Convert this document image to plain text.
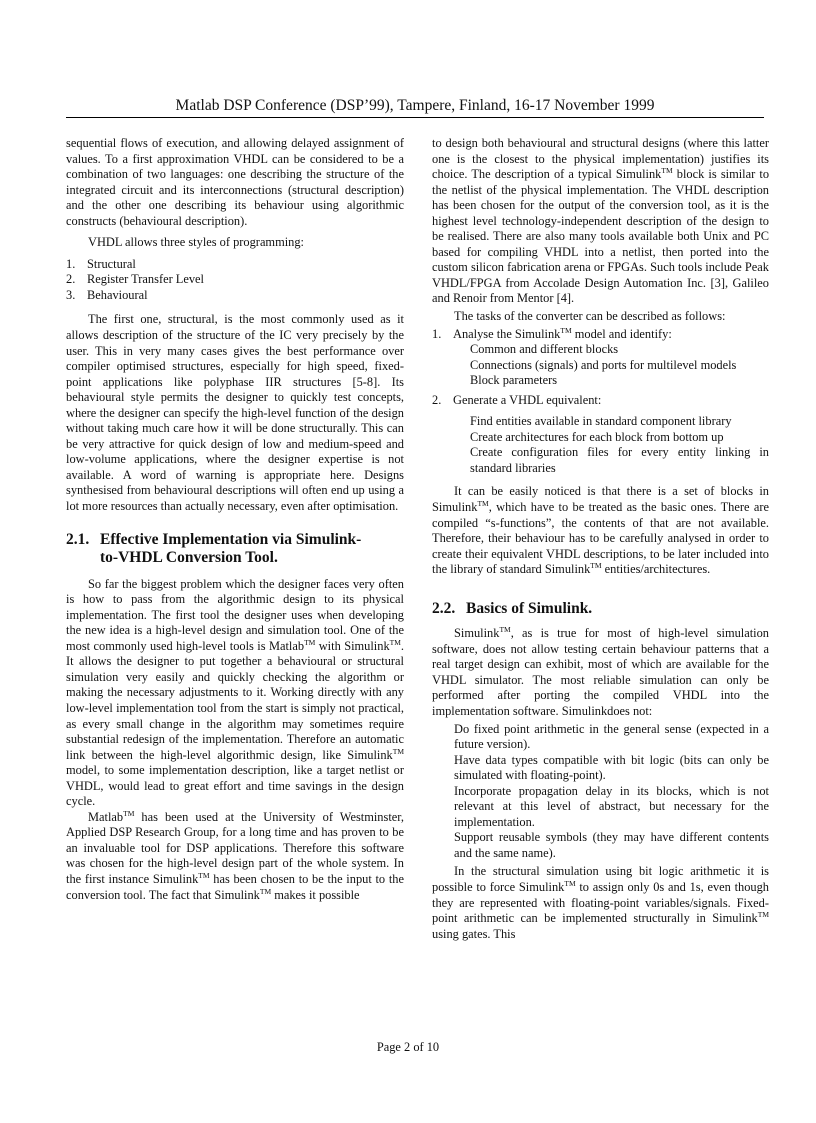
Matlab DSP Conference (DSP’99), Tampere, Finland, 16-17 November 1999

sequential flows of execution, and allowing delayed assignment of values. To a first approximation VHDL can be considered to be a combination of two languages: one describing the structure of the integrated circuit and its interconnections (structural description) and the other one describing its behaviour using algorithmic constructs (behavioural description).

VHDL allows three styles of programming:

1. Structural
2. Register Transfer Level
3. Behavioural

The first one, structural, is the most commonly used as it allows description of the structure of the IC very precisely by the user. This in very many cases gives the best performance over compiler optimised structures, especially for high speed, fixed-point applications like polyphase IIR structures [5-8]. Its behavioural style permits the designer to quickly test concepts, where the designer can specify the high-level function of the design without taking much care how it will be done structurally. This can be very attractive for quick design of low and medium-speed and low-volume applications, where the designer expertise is not available. A word of warning is appropriate here. Designs synthesised from behavioural descriptions will often end up using a lot more resources than actually necessary, even after optimisation.

2.1. Effective Implementation via Simulink-
to-VHDL Conversion Tool.

So far the biggest problem which the designer faces very often is how to pass from the algorithmic design to its physical implementation. The first tool the designer uses when developing the new idea is a high-level design and simulation tool. One of the most commonly used high-level tools is Matlab™ with Simulink™. It allows the designer to put together a behavioural or structural simulation very easily and quickly checking the algorithm or making the necessary adjustments to it. Working directly with any low-level implementation tool from the start is simply not practical, as every small change in the algorithm may sometimes require substantial redesign of the implementation. Therefore an automatic link between the high-level algorithmic design, like Simulink™ model, to some implementation description, like a target netlist or VHDL, would lead to great effort and time savings in the design cycle.

Matlab™ has been used at the University of Westminster, Applied DSP Research Group, for a long time and has proven to be an invaluable tool for DSP applications. Therefore this software was chosen for the high-level design part of the whole system. In the first instance Simulink™ has been chosen to be the input to the conversion tool. The fact that Simulink™ makes it possible

to design both behavioural and structural designs (where this latter one is the closest to the physical implementation) justifies its choice. The description of a typical Simulink™ block is similar to the netlist of the physical implementation. The VHDL description has been chosen for the output of the conversion tool, as it is the highest level technology-independent description of the design to be realised. There are also many tools available both Unix and PC based for compiling VHDL into a netlist, then ported into the custom silicon fabrication arena or FPGAs. Such tools include Peak VHDL/FPGA from Accolade Design Automation Inc. [3], Galileo and Renoir from Mentor [4].

The tasks of the converter can be described as follows:

1. Analyse the Simulink™ model and identify:
Common and different blocks
Connections (signals) and ports for multilevel models
Block parameters
2. Generate a VHDL equivalent:
Find entities available in standard component library
Create architectures for each block from bottom up
Create configuration files for every entity linking in standard libraries

It can be easily noticed is that there is a set of blocks in Simulink™, which have to be treated as the basic ones. There are compiled “s-functions”, the contents of that are not available. Therefore, their behaviour has to be carefully analysed in order to create their equivalent VHDL descriptions, to be later included into the library of standard Simulink™ entities/architectures.

2.2. Basics of Simulink.

Simulink™, as is true for most of high-level simulation software, does not allow testing certain behaviour patterns that a real target design can exhibit, most of which are available for the VHDL simulator. The most reliable simulation can only be performed after porting the compiled VHDL into the implementation software. Simulinkdoes not:

Do fixed point arithmetic in the general sense (expected in a future version).

Have data types compatible with bit logic (bits can only be simulated with floating-point).

Incorporate propagation delay in its blocks, which is not relevant at this level of abstract, but necessary for the implementation.

Support reusable symbols (they may have different contents and the same name).

In the structural simulation using bit logic arithmetic it is possible to force Simulink™ to assign only 0s and 1s, even though they are represented with floating-point variables/signals. Fixed-point arithmetic can be implemented structurally in Simulink™ using gates. This

Page 2 of 10
